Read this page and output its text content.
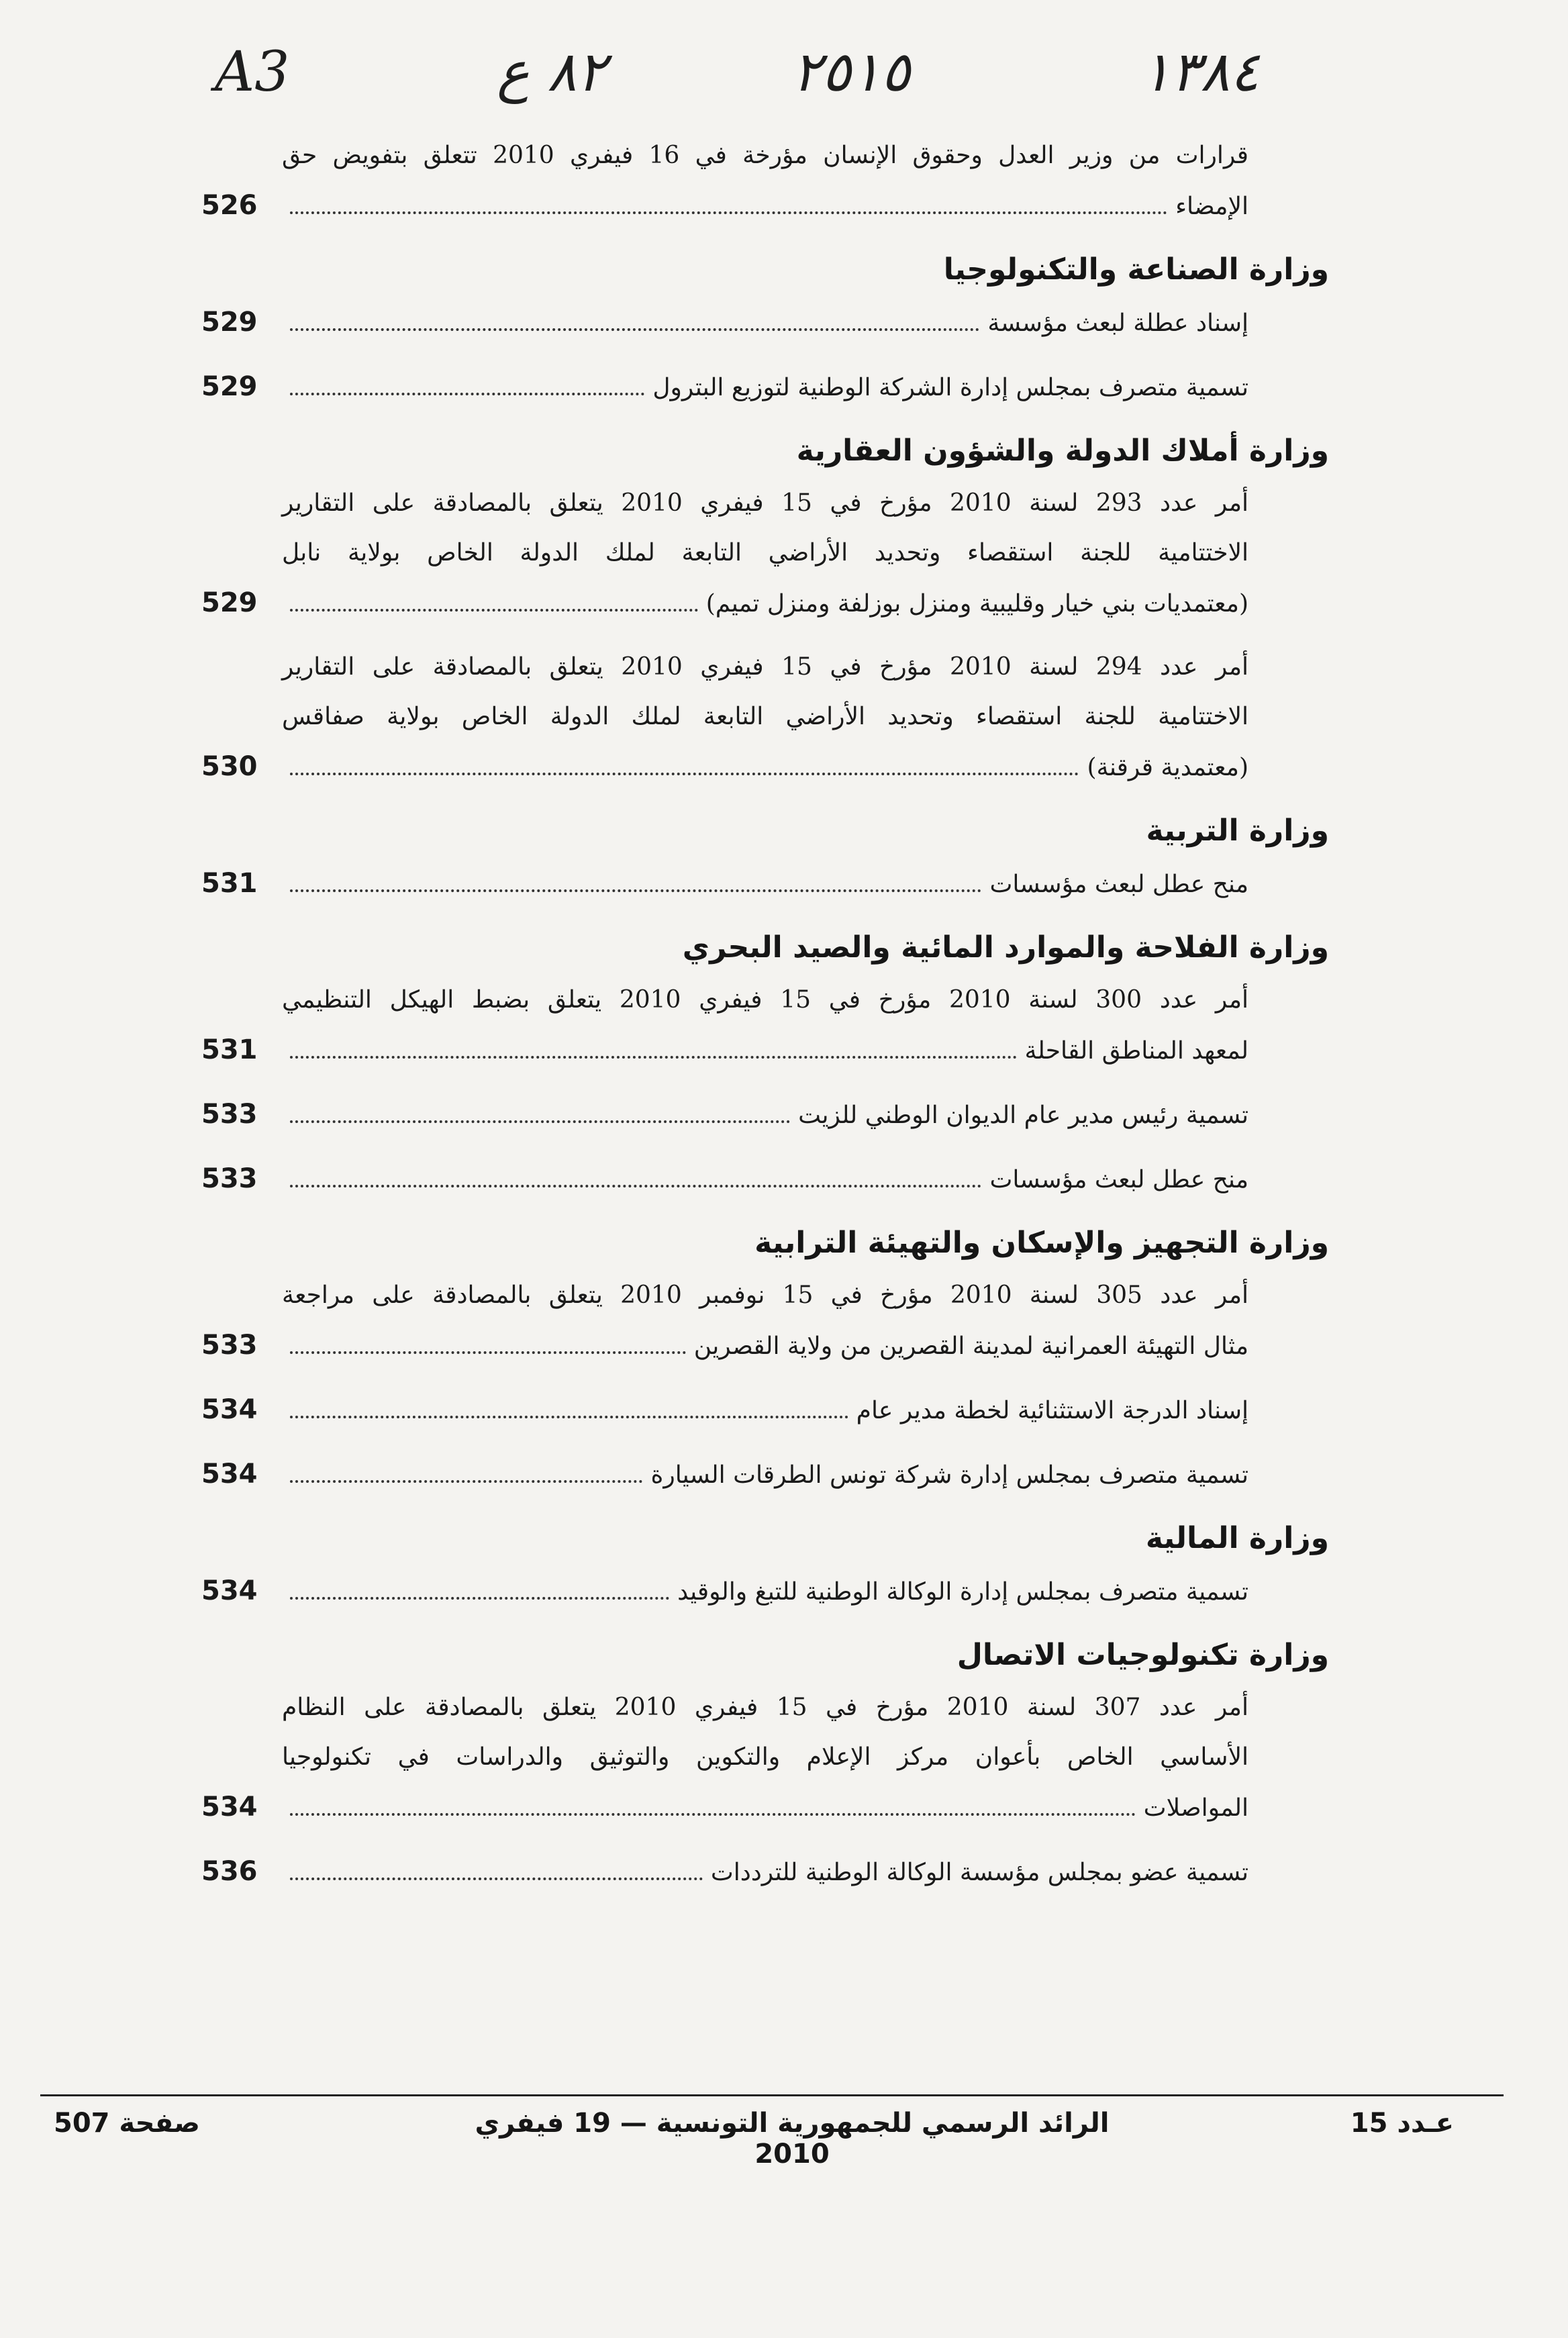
A3	٨٢ ع	٢٥١٥	١٣٨٤
قرارات من وزير العدل وحقوق الإنسان مؤرخة في 16 فيفري 2010 تتعلق بتفويض حق
الإمضاء
526
وزارة الصناعة والتكنولوجيا
إسناد عطلة لبعث مؤسسة
529
تسمية متصرف بمجلس إدارة الشركة الوطنية لتوزيع البترول
529
وزارة أملاك الدولة والشؤون العقارية
أمر عدد 293 لسنة 2010 مؤرخ في 15 فيفري 2010 يتعلق بالمصادقة على التقارير
الاختتامية للجنة استقصاء وتحديد الأراضي التابعة لملك الدولة الخاص بولاية نابل
(معتمديات بني خيار وقليبية ومنزل بوزلفة ومنزل تميم)
529
أمر عدد 294 لسنة 2010 مؤرخ في 15 فيفري 2010 يتعلق بالمصادقة على التقارير
الاختتامية للجنة استقصاء وتحديد الأراضي التابعة لملك الدولة الخاص بولاية صفاقس
(معتمدية قرقنة)
530
وزارة التربية
منح عطل لبعث مؤسسات
531
وزارة الفلاحة والموارد المائية والصيد البحري
أمر عدد 300 لسنة 2010 مؤرخ في 15 فيفري 2010 يتعلق بضبط الهيكل التنظيمي
لمعهد المناطق القاحلة
531
تسمية رئيس مدير عام الديوان الوطني للزيت
533
منح عطل لبعث مؤسسات
533
وزارة التجهيز والإسكان والتهيئة الترابية
أمر عدد 305 لسنة 2010 مؤرخ في 15 نوفمبر 2010 يتعلق بالمصادقة على مراجعة
مثال التهيئة العمرانية لمدينة القصرين من ولاية القصرين
533
إسناد الدرجة الاستثنائية لخطة مدير عام
534
تسمية متصرف بمجلس إدارة شركة تونس الطرقات السيارة
534
وزارة المالية
تسمية متصرف بمجلس إدارة الوكالة الوطنية للتبغ والوقيد
534
وزارة تكنولوجيات الاتصال
أمر عدد 307 لسنة 2010 مؤرخ في 15 فيفري 2010 يتعلق بالمصادقة على النظام
الأساسي الخاص بأعوان مركز الإعلام والتكوين والتوثيق والدراسات في تكنولوجيا
المواصلات
534
تسمية عضو بمجلس مؤسسة الوكالة الوطنية للترددات
536
عـدد 15
الرائد الرسمي للجمهورية التونسية — 19 فيفري 2010
صفحة 507
